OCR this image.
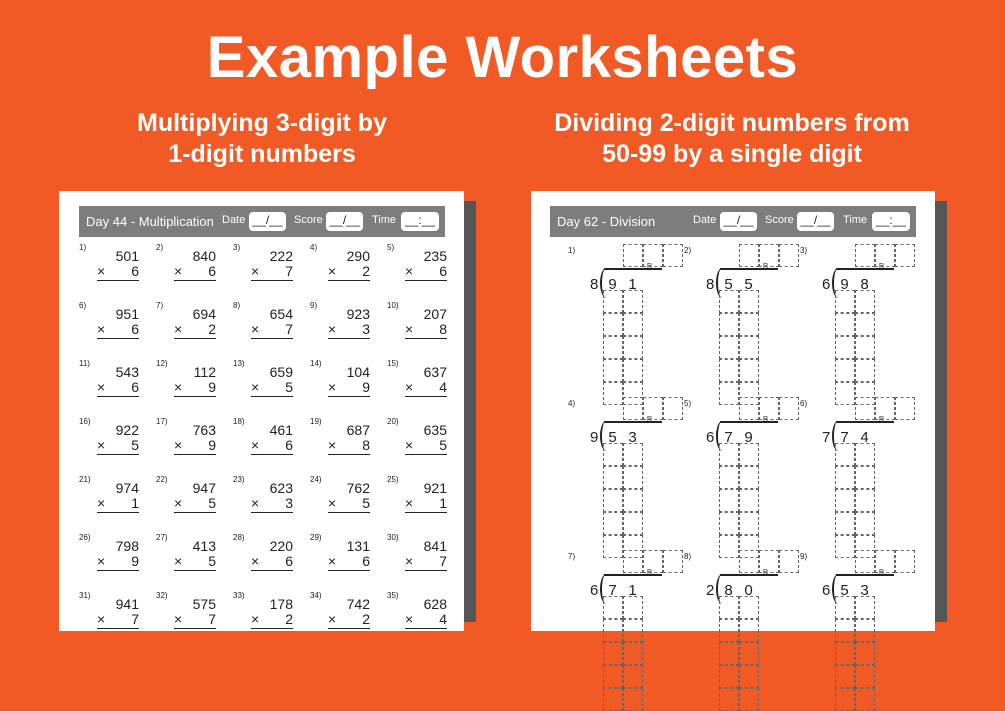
Example Worksheets
Multiplying 3-digit by
1-digit numbers
Dividing 2-digit numbers from
50-99 by a single digit
Day 44 - Multiplication Date __/__	Score __/__	Time __:__
1)
501
× 6
2)
840
× 6
3)
222
× 7
4)
290
× 2
5)
235
× 6
6)
951
× 6
7)
694
× 2
8)
654
× 7
9)
923
× 3
10)
207
× 8
11)
543
× 6
12)
112
× 9
13)
659
× 5
14)
104
× 9
15)
637
× 4
16)
922
× 5
17)
763
× 9
18)
461
× 6
19)
687
× 8
20)
635
× 5
21)
974
× 1
22)
947
× 5
23)
623
× 3
24)
762
× 5
25)
921
× 1
26)
798
× 9
27)
413
× 5
28)
220
× 6
29)
131
× 6
30)
841
× 7
31)
941
× 7
32)
575
× 7
33)
178
× 2
34)
742
× 2
35)
628
× 4
Day 62 - Division	Date __/__	Score __/__	Time __:__
1)
8 9 1
R
2)
8 5 5
R
3)
6 9 8
R
4)
9 5 3
R
5)
6 7 9
R
6)
7 7 4
R
7)
6 7 1
R
8)
2 8 0
R
9)
6 5 3
R
